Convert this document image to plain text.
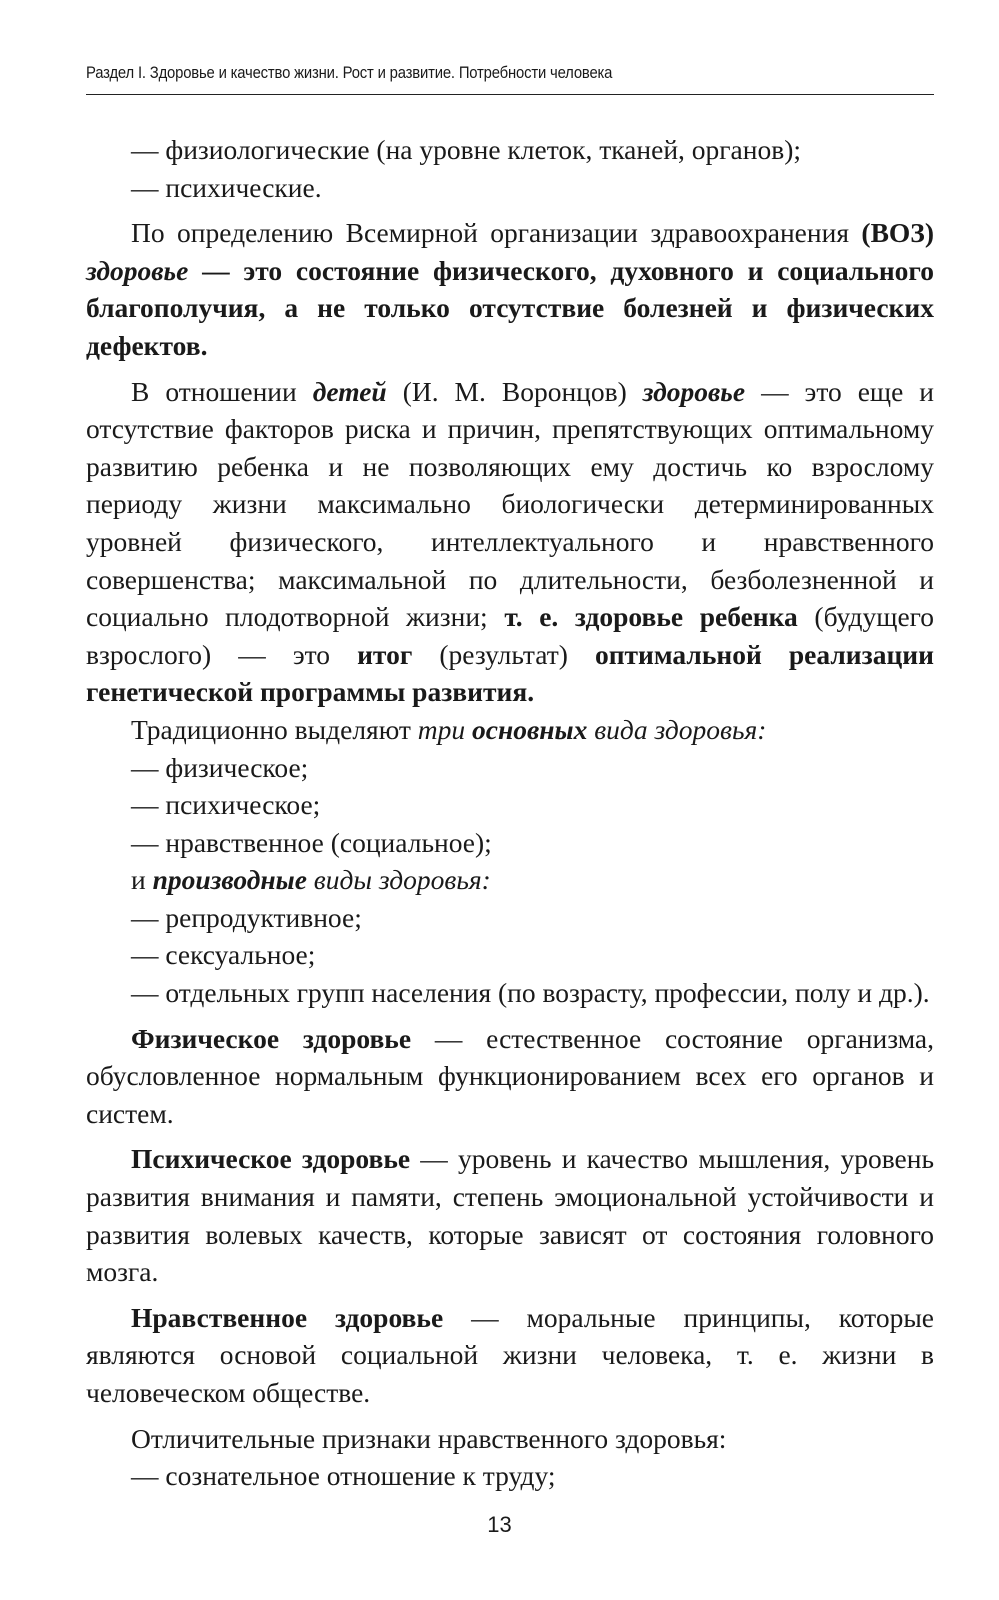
Раздел I. Здоровье и качество жизни. Рост и развитие. Потребности человека

— физиологические (на уровне клеток, тканей, органов);

— психические.

По определению Всемирной организации здравоохранения (ВОЗ) здоровье — это состояние физического, духовного и социального благополучия, а не только отсутствие болезней и физических дефектов.

В отношении детей (И. М. Воронцов) здоровье — это еще и отсутствие факторов риска и причин, препятствующих оптимальному развитию ребенка и не позволяющих ему достичь ко взрослому периоду жизни максимально биологически детерминированных уровней физического, интеллектуального и нравственного совершенства; максимальной по длительности, безболезненной и социально плодотворной жизни; т. е. здоровье ребенка (будущего взрослого) — это итог (результат) оптимальной реализации генетической программы развития.

Традиционно выделяют три основных вида здоровья:

— физическое;

— психическое;

— нравственное (социальное);

и производные виды здоровья:

— репродуктивное;

— сексуальное;

— отдельных групп населения (по возрасту, профессии, полу и др.).

Физическое здоровье — естественное состояние организма, обусловленное нормальным функционированием всех его органов и систем.

Психическое здоровье — уровень и качество мышления, уровень развития внимания и памяти, степень эмоциональной устойчивости и развития волевых качеств, которые зависят от состояния головного мозга.

Нравственное здоровье — моральные принципы, которые являются основой социальной жизни человека, т. е. жизни в человеческом обществе.

Отличительные признаки нравственного здоровья:

— сознательное отношение к труду;

13
